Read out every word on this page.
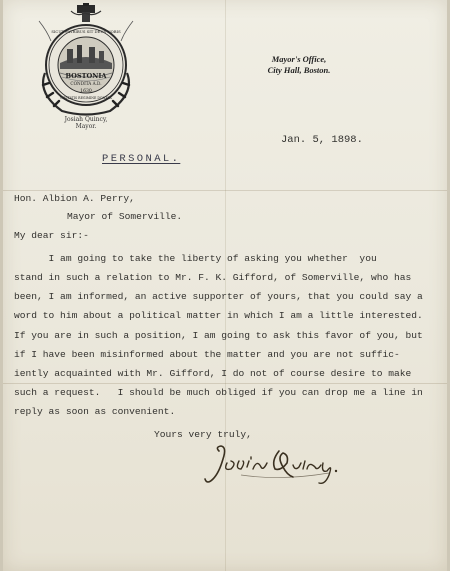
SICUT PATRIBUS SIT DEUS NOBIS
BOSTONIA
CONDITA A.D.
1630
CIVITATIS REGIMINE DONATA
Josiah Quincy,
Mayor.
Mayor's Office,
City Hall, Boston.
Jan. 5, 1898.
PERSONAL.
Hon. Albion A. Perry,
Mayor of Somerville.
My dear sir:-
I am going to take the liberty of asking you whether  you
stand in such a relation to Mr. F. K. Gifford, of Somerville, who has
been, I am informed, an active supporter of yours, that you could say a
word to him about a political matter in which I am a little interested.
If you are in such a position, I am going to ask this favor of you, but
if I have been misinformed about the matter and you are not suffic-
iently acquainted with Mr. Gifford, I do not of course desire to make
such a request.   I should be much obliged if you can drop me a line in
reply as soon as convenient.
Yours very truly,
